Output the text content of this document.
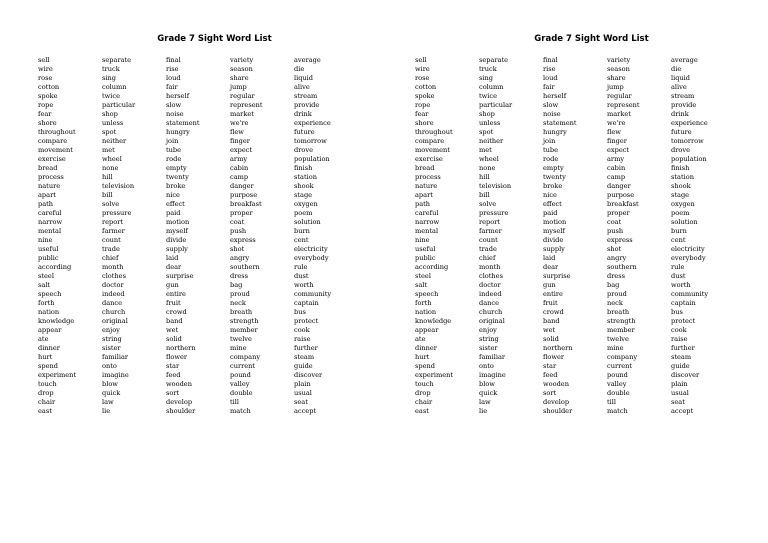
Grade 7 Sight Word List
sell
wire
rose
cotton
spoke
rope
fear
shore
throughout
compare
movement
exercise
bread
process
nature
apart
path
careful
narrow
mental
nine
useful
public
according
steel
salt
speech
forth
nation
knowledge
appear
ate
dinner
hurt
spend
experiment
touch
drop
chair
east
separate
truck
sing
column
twice
particular
shop
unless
spot
neither
met
wheel
none
hill
television
bill
solve
pressure
report
farmer
count
trade
chief
month
clothes
doctor
indeed
dance
church
original
enjoy
string
sister
familiar
onto
imagine
blow
quick
law
lie
final
rise
loud
fair
herself
slow
noise
statement
hungry
join
tube
rode
empty
twenty
broke
nice
effect
paid
motion
myself
divide
supply
laid
dear
surprise
gun
entire
fruit
crowd
band
wet
solid
northern
flower
star
feed
wooden
sort
develop
shoulder
variety
season
share
jump
regular
represent
market
we're
flew
finger
expect
army
cabin
camp
danger
purpose
breakfast
proper
coat
push
express
shot
angry
southern
dress
bag
proud
neck
breath
strength
member
twelve
mine
company
current
pound
valley
double
till
match
average
die
liquid
alive
stream
provide
drink
experience
future
tomorrow
drove
population
finish
station
shook
stage
oxygen
poem
solution
burn
cent
electricity
everybody
rule
dust
worth
community
captain
bus
protect
cook
raise
further
steam
guide
discover
plain
usual
seat
accept
Grade 7 Sight Word List
sell
wire
rose
cotton
spoke
rope
fear
shore
throughout
compare
movement
exercise
bread
process
nature
apart
path
careful
narrow
mental
nine
useful
public
according
steel
salt
speech
forth
nation
knowledge
appear
ate
dinner
hurt
spend
experiment
touch
drop
chair
east
separate
truck
sing
column
twice
particular
shop
unless
spot
neither
met
wheel
none
hill
television
bill
solve
pressure
report
farmer
count
trade
chief
month
clothes
doctor
indeed
dance
church
original
enjoy
string
sister
familiar
onto
imagine
blow
quick
law
lie
final
rise
loud
fair
herself
slow
noise
statement
hungry
join
tube
rode
empty
twenty
broke
nice
effect
paid
motion
myself
divide
supply
laid
dear
surprise
gun
entire
fruit
crowd
band
wet
solid
northern
flower
star
feed
wooden
sort
develop
shoulder
variety
season
share
jump
regular
represent
market
we're
flew
finger
expect
army
cabin
camp
danger
purpose
breakfast
proper
coat
push
express
shot
angry
southern
dress
bag
proud
neck
breath
strength
member
twelve
mine
company
current
pound
valley
double
till
match
average
die
liquid
alive
stream
provide
drink
experience
future
tomorrow
drove
population
finish
station
shook
stage
oxygen
poem
solution
burn
cent
electricity
everybody
rule
dust
worth
community
captain
bus
protect
cook
raise
further
steam
guide
discover
plain
usual
seat
accept
